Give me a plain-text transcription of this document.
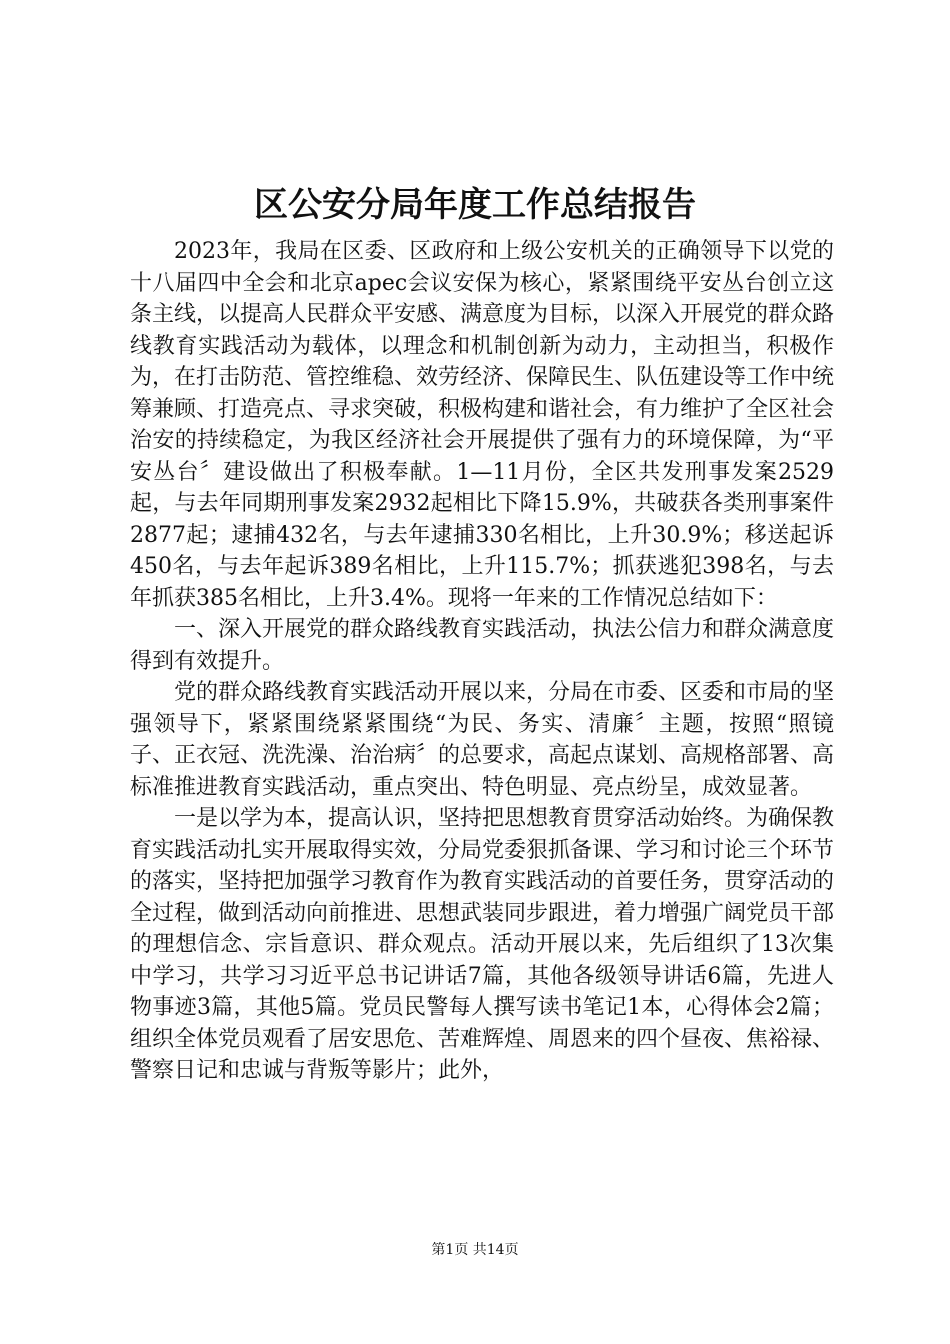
区公安分局年度工作总结报告

2023年，我局在区委、区政府和上级公安机关的正确领导下以党的十八届四中全会和北京apec会议安保为核心，紧紧围绕平安丛台创立这条主线，以提高人民群众平安感、满意度为目标，以深入开展党的群众路线教育实践活动为载体，以理念和机制创新为动力，主动担当，积极作为，在打击防范、管控维稳、效劳经济、保障民生、队伍建设等工作中统筹兼顾、打造亮点、寻求突破，积极构建和谐社会，有力维护了全区社会治安的持续稳定，为我区经济社会开展提供了强有力的环境保障，为“平安丛台〞建设做出了积极奉献。1—11月份，全区共发刑事发案2529起，与去年同期刑事发案2932起相比下降15.9%，共破获各类刑事案件2877起；逮捕432名，与去年逮捕330名相比，上升30.9%；移送起诉450名，与去年起诉389名相比，上升115.7%；抓获逃犯398名，与去年抓获385名相比，上升3.4%。现将一年来的工作情况总结如下：

一、深入开展党的群众路线教育实践活动，执法公信力和群众满意度得到有效提升。

党的群众路线教育实践活动开展以来，分局在市委、区委和市局的坚强领导下，紧紧围绕紧紧围绕“为民、务实、清廉〞主题，按照“照镜子、正衣冠、洗洗澡、治治病〞的总要求，高起点谋划、高规格部署、高标准推进教育实践活动，重点突出、特色明显、亮点纷呈，成效显著。

一是以学为本，提高认识，坚持把思想教育贯穿活动始终。为确保教育实践活动扎实开展取得实效，分局党委狠抓备课、学习和讨论三个环节的落实，坚持把加强学习教育作为教育实践活动的首要任务，贯穿活动的全过程，做到活动向前推进、思想武装同步跟进，着力增强广阔党员干部的理想信念、宗旨意识、群众观点。活动开展以来，先后组织了13次集中学习，共学习习近平总书记讲话7篇，其他各级领导讲话6篇，先进人物事迹3篇，其他5篇。党员民警每人撰写读书笔记1本，心得体会2篇；组织全体党员观看了居安思危、苦难辉煌、周恩来的四个昼夜、焦裕禄、警察日记和忠诚与背叛等影片；此外，

第1页 共14页
